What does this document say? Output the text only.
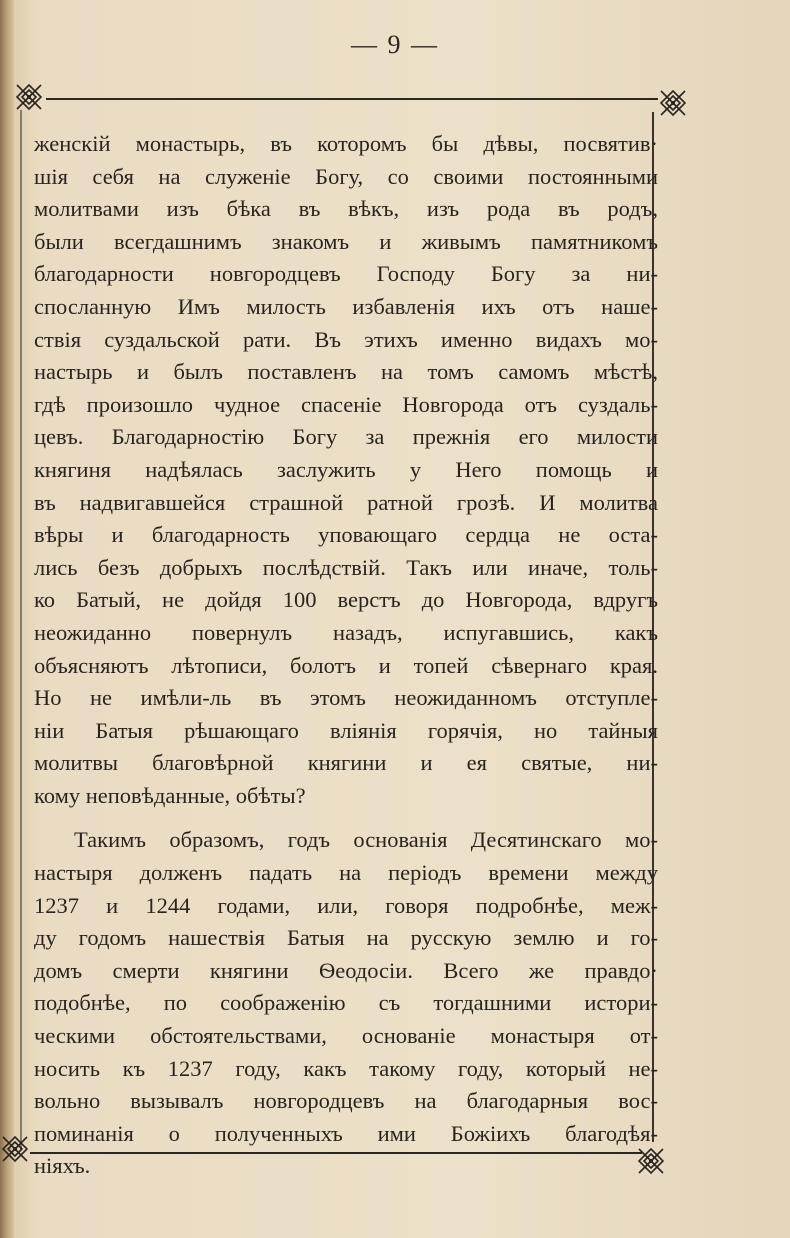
— 9 —
женскій монастырь, въ которомъ бы дѣвы, посвятив·
шія себя на служеніе Богу, со своими постоянными
молитвами изъ бѣка въ вѣкъ, изъ рода въ родъ,
были всегдашнимъ знакомъ и живымъ памятникомъ
благодарности новгородцевъ Господу Богу за ни-
спосланную Имъ милость избавленія ихъ отъ наше-
ствія суздальской рати. Въ этихъ именно видахъ мо-
настырь и былъ поставленъ на томъ самомъ мѣстѣ,
гдѣ произошло чудное спасеніе Новгорода отъ суздаль-
цевъ. Благодарностію Богу за прежнія его милости
княгиня надѣялась заслужить у Него помощь и
въ надвигавшейся страшной ратной грозѣ. И молитва
вѣры и благодарность уповающаго сердца не оста-
лись безъ добрыхъ послѣдствій. Такъ или иначе, толь-
ко Батый, не дойдя 100 верстъ до Новгорода, вдругъ
неожиданно повернулъ назадъ, испугавшись, какъ
объясняютъ лѣтописи, болотъ и топей сѣвернаго края.
Но не имѣли-ль въ этомъ неожиданномъ отступле-
ніи Батыя рѣшающаго вліянія горячія, но тайныя
молитвы благовѣрной княгини и ея святые, ни-
кому неповѣданные, обѣты?
Такимъ образомъ, годъ основанія Десятинскаго мо-
настыря долженъ падать на періодъ времени между
1237 и 1244 годами, или, говоря подробнѣе, меж-
ду годомъ нашествія Батыя на русскую землю и го-
домъ смерти княгини Ѳеодосіи. Всего же правдо·
подобнѣе, по соображенію съ тогдашними истори-
ческими обстоятельствами, основаніе монастыря от-
носить къ 1237 году, какъ такому году, который не-
вольно вызывалъ новгородцевъ на благодарныя вос-
поминанія о полученныхъ ими Божіихъ благодѣя-
ніяхъ.
